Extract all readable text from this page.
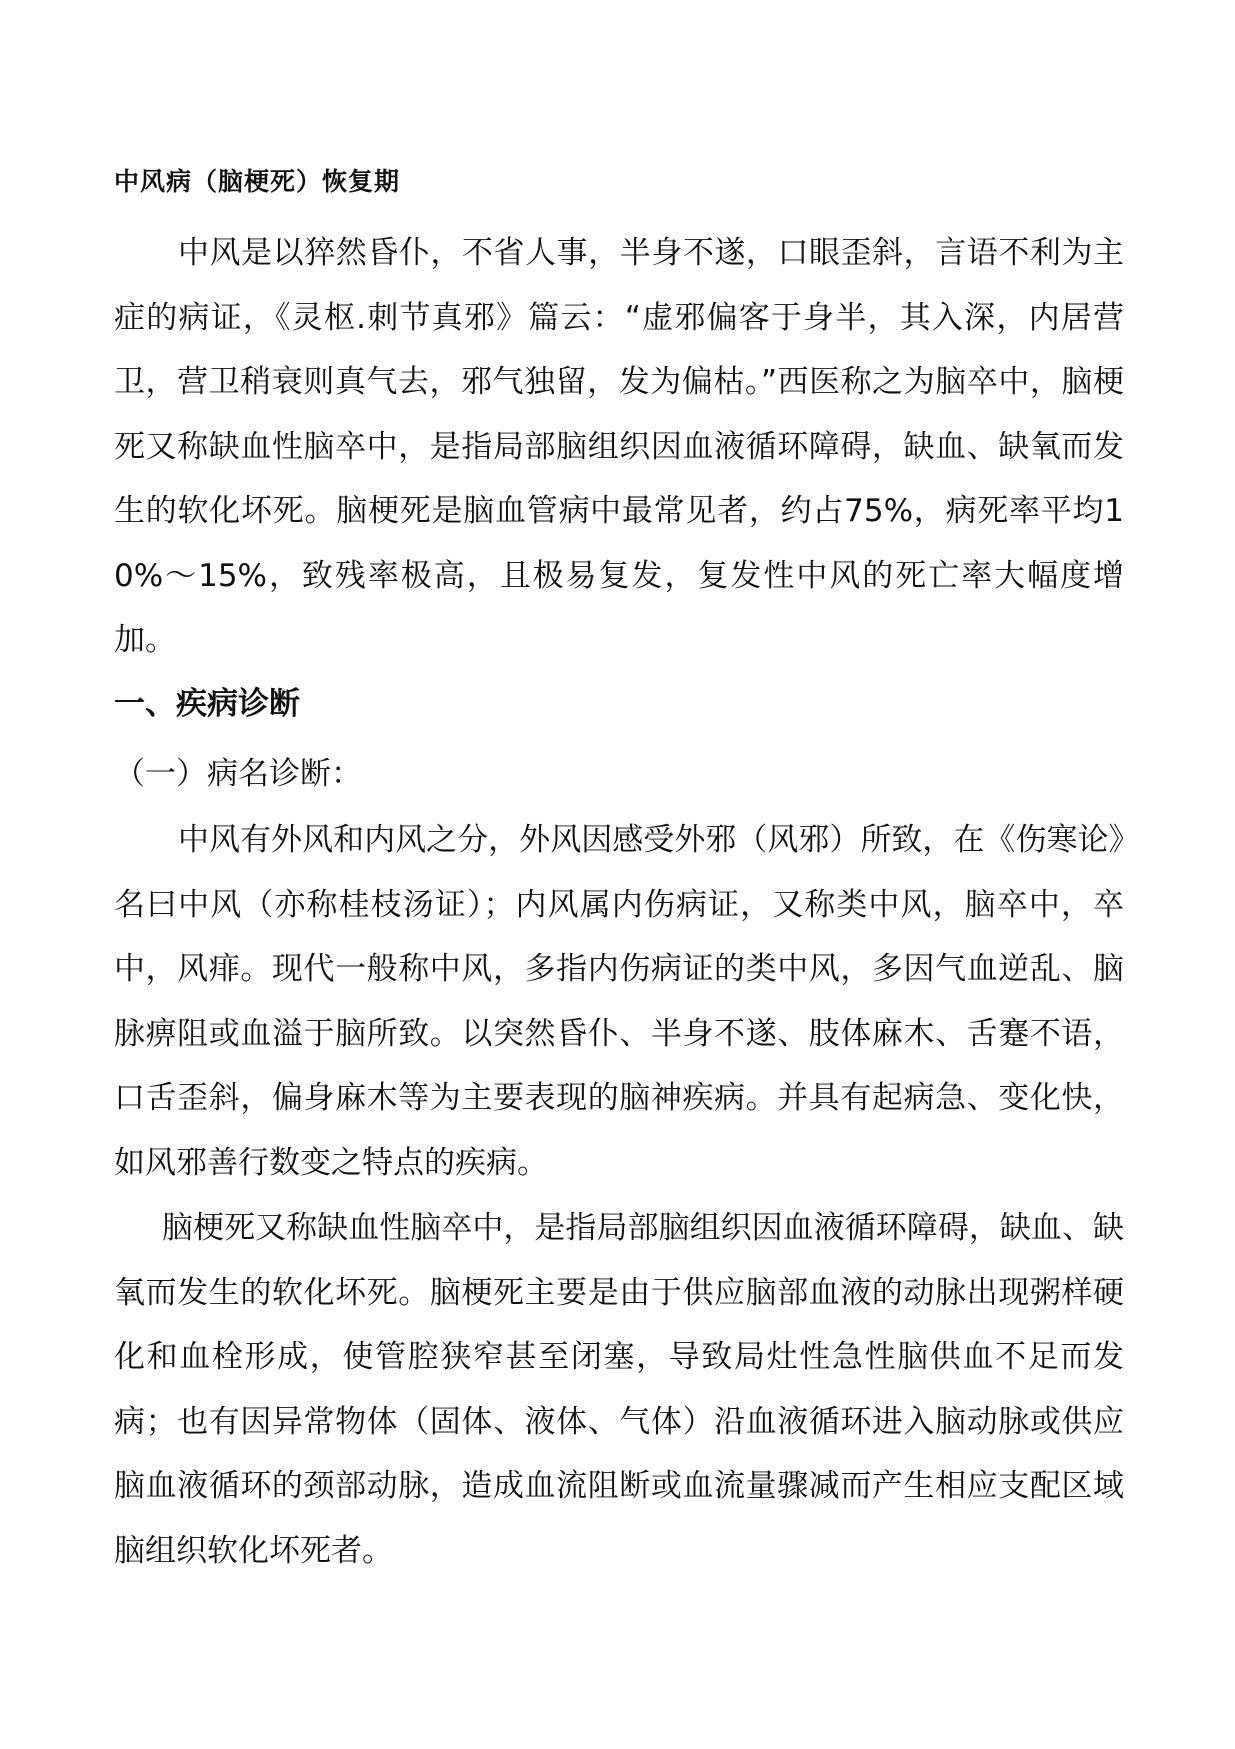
中风病（脑梗死）恢复期
中风是以猝然昏仆，不省人事，半身不遂，口眼歪斜，言语不利为主症的病证，《灵枢.刺节真邪》篇云：“虚邪偏客于身半，其入深，内居营卫，营卫稍衰则真气去，邪气独留，发为偏枯。”西医称之为脑卒中，脑梗死又称缺血性脑卒中，是指局部脑组织因血液循环障碍，缺血、缺氧而发生的软化坏死。脑梗死是脑血管病中最常见者，约占75%，病死率平均10%～15%，致残率极高，且极易复发，复发性中风的死亡率大幅度增加。
一、疾病诊断
（一）病名诊断：
中风有外风和内风之分，外风因感受外邪（风邪）所致，在《伤寒论》名曰中风（亦称桂枝汤证）；内风属内伤病证，又称类中风，脑卒中，卒中，风痱。现代一般称中风，多指内伤病证的类中风，多因气血逆乱、脑脉痹阻或血溢于脑所致。以突然昏仆、半身不遂、肢体麻木、舌蹇不语，口舌歪斜，偏身麻木等为主要表现的脑神疾病。并具有起病急、变化快，如风邪善行数变之特点的疾病。
脑梗死又称缺血性脑卒中，是指局部脑组织因血液循环障碍，缺血、缺氧而发生的软化坏死。脑梗死主要是由于供应脑部血液的动脉出现粥样硬化和血栓形成，使管腔狭窄甚至闭塞，导致局灶性急性脑供血不足而发病；也有因异常物体（固体、液体、气体）沿血液循环进入脑动脉或供应脑血液循环的颈部动脉，造成血流阻断或血流量骤减而产生相应支配区域脑组织软化坏死者。
